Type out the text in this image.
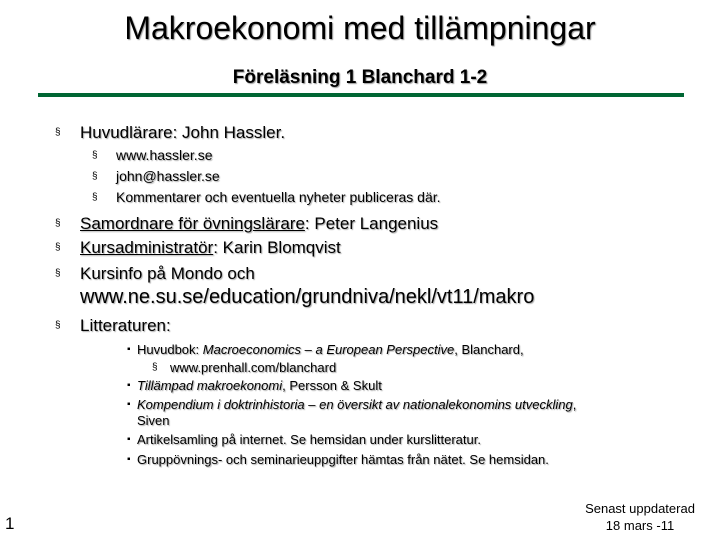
Makroekonomi med tillämpningar
Föreläsning 1 Blanchard 1-2
§ Huvudlärare: John Hassler.
§ www.hassler.se
§ john@hassler.se
§ Kommentarer och eventuella nyheter publiceras där.
§ Samordnare för övningslärare: Peter Langenius
§ Kursadministratör: Karin Blomqvist
§ Kursinfo på Mondo och
www.ne.su.se/education/grundniva/nekl/vt11/makro
§ Litteraturen:
▪ Huvudbok: Macroeconomics – a European Perspective, Blanchard,
§ www.prenhall.com/blanchard
▪ Tillämpad makroekonomi, Persson & Skult
▪ Kompendium i doktrinhistoria – en översikt av nationalekonomins utveckling,
Siven
▪ Artikelsamling på internet. Se hemsidan under kurslitteratur.
▪ Gruppövnings- och seminarieuppgifter hämtas från nätet. Se hemsidan.
1
Senast uppdaterad
18 mars -11
